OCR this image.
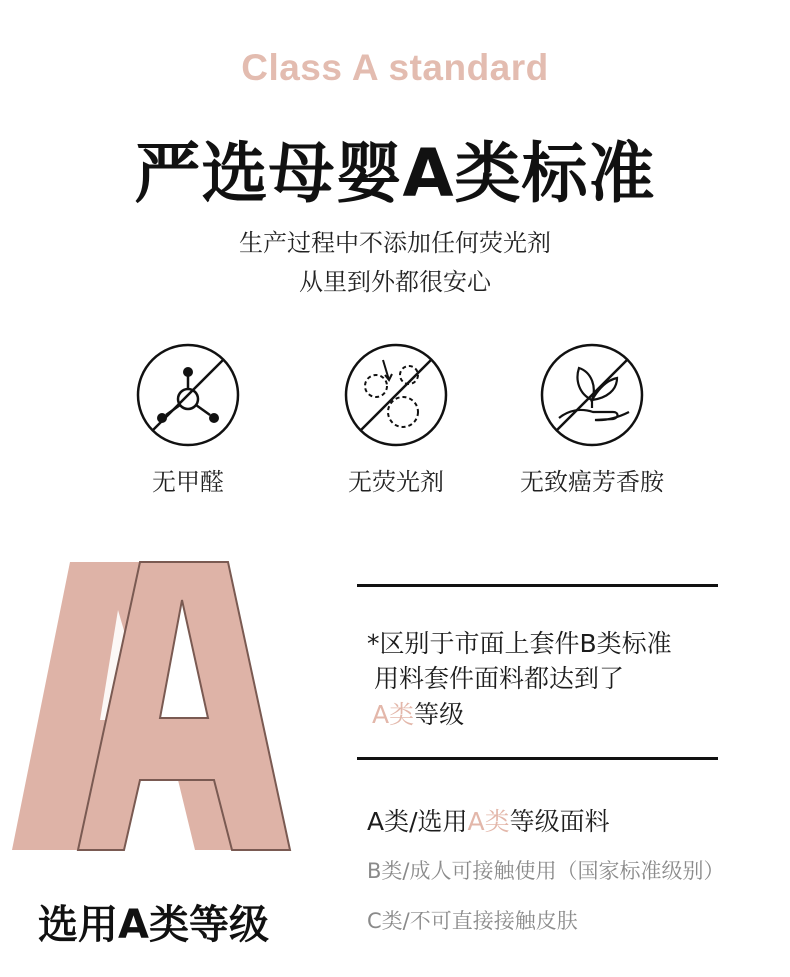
Class A standard
严选母婴A类标准
生产过程中不添加任何荧光剂
从里到外都很安心
无甲醛	无荧光剂	无致癌芳香胺
*区别于市面上套件B类标准
用料套件面料都达到了
A类等级
A类/选用A类等级面料
B类/成人可接触使用（国家标准级别）
C类/不可直接接触皮肤
选用A类等级
